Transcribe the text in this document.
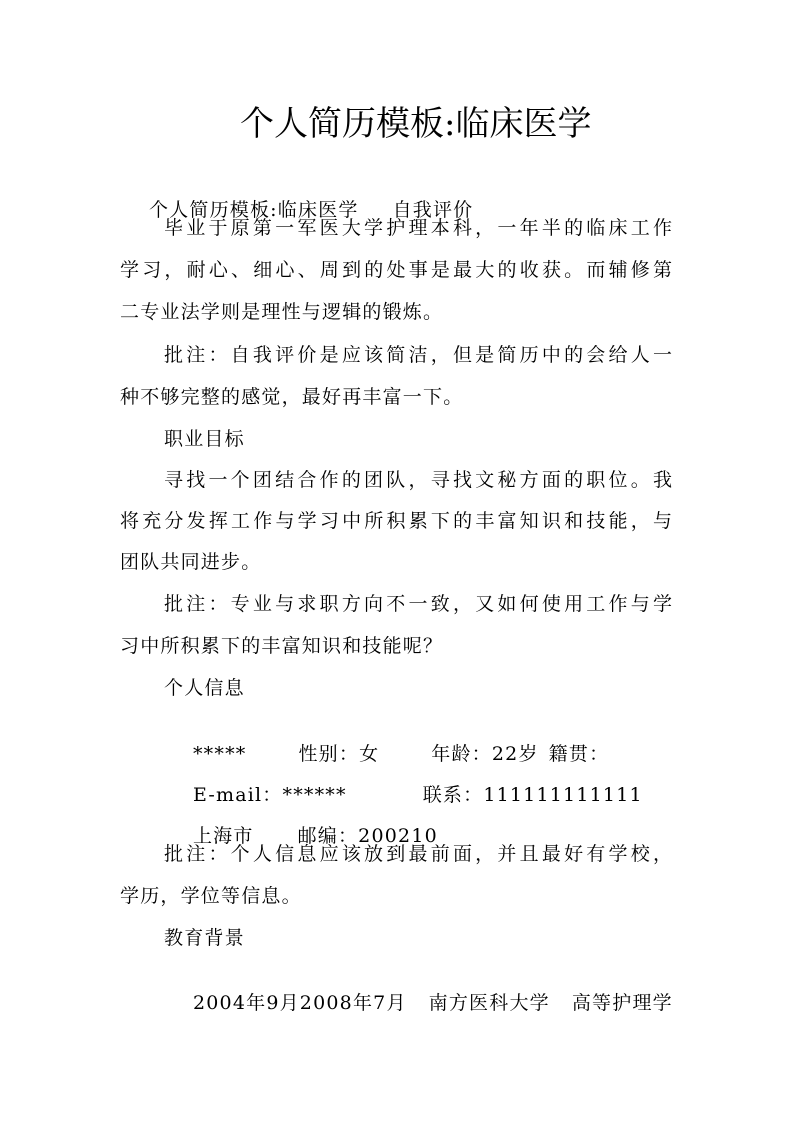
个人简历模板:临床医学

个人简历模板:临床医学 自我评价

毕业于原第一军医大学护理本科，一年半的临床工作
学习，耐心、细心、周到的处事是最大的收获。而辅修第
二专业法学则是理性与逻辑的锻炼。
批注：自我评价是应该简洁，但是简历中的会给人一
种不够完整的感觉，最好再丰富一下。
职业目标
寻找一个团结合作的团队，寻找文秘方面的职位。我
将充分发挥工作与学习中所积累下的丰富知识和技能，与
团队共同进步。
批注：专业与求职方向不一致，又如何使用工作与学
习中所积累下的丰富知识和技能呢？
个人信息

*****	性别：女	年龄：22岁 籍贯：

E-mail：******	联系：111111111111

上海市 邮编：200210

批注：个人信息应该放到最前面，并且最好有学校，
学历，学位等信息。
教育背景

2004年9月2008年7月 南方医科大学 高等护理学
